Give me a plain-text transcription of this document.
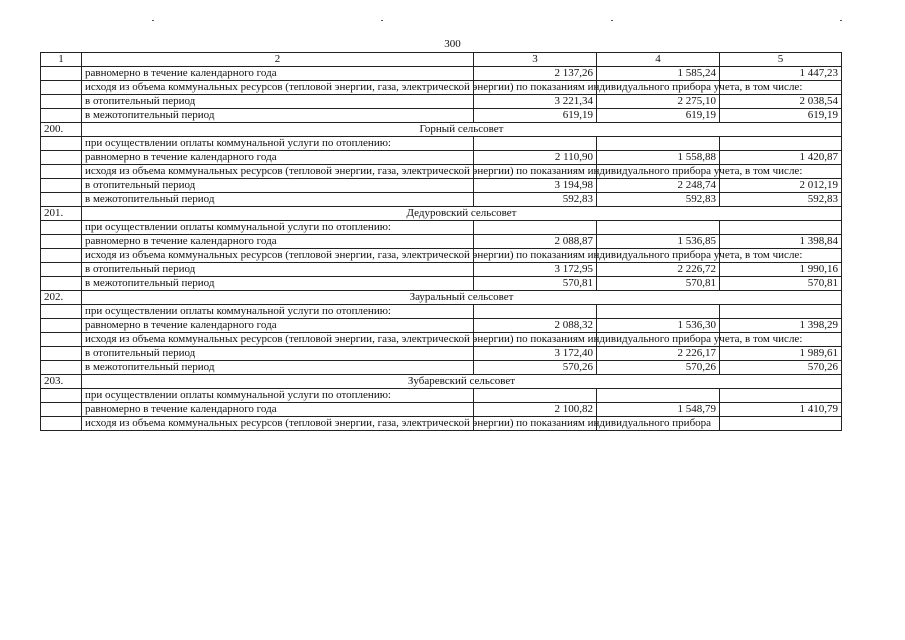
300
1	2	3	4	5
	равномерно в течение календарного года	2 137,26	1 585,24	1 447,23
	исходя из объема коммунальных ресурсов (тепловой энергии, газа, электрической энергии) по показаниям индивидуального прибора учета, в том числе:			
	в отопительный период	3 221,34	2 275,10	2 038,54
	в межотопительный период	619,19	619,19	619,19
200.	Горный сельсовет			
	при осуществлении оплаты коммунальной услуги по отоплению:			
	равномерно в течение календарного года	2 110,90	1 558,88	1 420,87
	исходя из объема коммунальных ресурсов (тепловой энергии, газа, электрической энергии) по показаниям индивидуального прибора учета, в том числе:			
	в отопительный период	3 194,98	2 248,74	2 012,19
	в межотопительный период	592,83	592,83	592,83
201.	Дедуровский сельсовет			
	при осуществлении оплаты коммунальной услуги по отоплению:			
	равномерно в течение календарного года	2 088,87	1 536,85	1 398,84
	исходя из объема коммунальных ресурсов (тепловой энергии, газа, электрической энергии) по показаниям индивидуального прибора учета, в том числе:			
	в отопительный период	3 172,95	2 226,72	1 990,16
	в межотопительный период	570,81	570,81	570,81
202.	Зауральный сельсовет			
	при осуществлении оплаты коммунальной услуги по отоплению:			
	равномерно в течение календарного года	2 088,32	1 536,30	1 398,29
	исходя из объема коммунальных ресурсов (тепловой энергии, газа, электрической энергии) по показаниям индивидуального прибора учета, в том числе:			
	в отопительный период	3 172,40	2 226,17	1 989,61
	в межотопительный период	570,26	570,26	570,26
203.	Зубаревский сельсовет			
	при осуществлении оплаты коммунальной услуги по отоплению:			
	равномерно в течение календарного года	2 100,82	1 548,79	1 410,79
	исходя из объема коммунальных ресурсов (тепловой энергии, газа, электрической энергии) по показаниям индивидуального прибора			
